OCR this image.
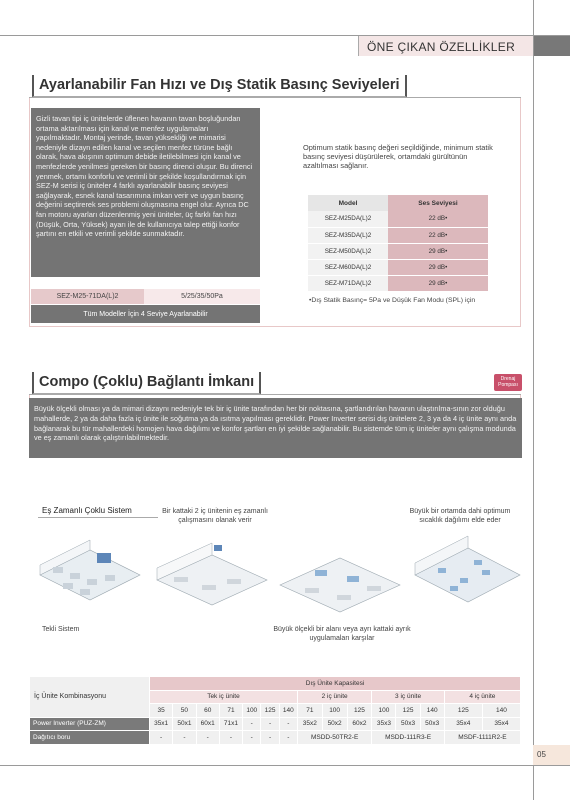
ÖNE ÇIKAN ÖZELLİKLER
Ayarlanabilir Fan Hızı ve Dış Statik Basınç Seviyeleri
Gizli tavan tipi iç ünitelerde üflenen havanın tavan boşluğundan ortama aktarılması için kanal ve menfez uygulamaları yapılmaktadır. Montaj yerinde, tavan yüksekliği ve mimarisi nedeniyle dizayn edilen kanal ve seçilen menfez türüne bağlı olarak, hava akışının optimum debide iletilebilmesi için kanal ve menfezlerde yenilmesi gereken bir basınç direnci oluşur. Bu direnci yenmek, ortamı konforlu ve verimli bir şekilde koşullandırmak için SEZ-M serisi iç üniteler 4 farklı ayarlanabilir basınç seviyesi sağlayarak, esnek kanal tasarımına imkan verir ve uygun basınç değerini seçtirerek ses problemi oluşmasına engel olur. Ayrıca DC fan motoru ayarları düzenlenmiş yeni üniteler, üç farklı fan hızı (Düşük, Orta, Yüksek) ayarı ile de kullanıcıya talep ettiği konfor şartını en etkili ve verimli şekilde sunmaktadır.
SEZ-M25-71DA(L)2	5/25/35/50Pa
Tüm Modeller İçin 4 Seviye Ayarlanabilir
Optimum statik basınç değeri seçildiğinde, minimum statik basınç seviyesi düşürülerek, ortamdaki gürültünün azaltılması sağlanır.
Model	Ses Seviyesi
SEZ-M25DA(L)2	22 dB•
SEZ-M35DA(L)2	22 dB•
SEZ-M50DA(L)2	29 dB•
SEZ-M60DA(L)2	29 dB•
SEZ-M71DA(L)2	29 dB•
•Dış Statik Basınç= 5Pa ve Düşük Fan Modu (SPL) için
Compo (Çoklu) Bağlantı İmkanı	Drenaj Pompası
Büyük ölçekli olması ya da mimari dizaynı nedeniyle tek bir iç ünite tarafından her bir noktasına, şartlandırılan havanın ulaştırılma-sının zor olduğu mahallerde, 2 ya da daha fazla iç ünite ile soğutma ya da ısıtma yapılması gereklidir. Power Inverter serisi dış ünitelere 2, 3 ya da 4 iç ünite aynı anda bağlanarak bu tür mahallerdeki homojen hava dağılımı ve konfor şartları en iyi şekilde sağlanabilir. Bu sistemde tüm iç üniteler aynı çalışma modunda ve eş zamanlı olarak çalıştırılabilmektedir.
Eş Zamanlı Çoklu Sistem
Tekli Sistem
Bir kattaki 2 iç ünitenin eş zamanlı çalışmasını olanak verir
Büyük ölçekli bir alanı veya ayrı kattaki ayrık uygulamaları karşılar
Büyük bir ortamda dahi optimum sıcaklık dağılımı elde eder
İç Ünite Kombinasyonu	Dış Ünite Kapasitesi														
	Tek iç ünite							2 iç ünite			3 iç ünite			4 iç ünite	
	35	50	60	71	100	125	140	71	100	125	100	125	140	125	140
Power Inverter (PUZ-ZM)	35x1	50x1	60x1	71x1	-	-	-	35x2	50x2	60x2	35x3	50x3	50x3	35x4	35x4
Dağıtıcı boru	-	-	-	-	-	-	-	MSDD-50TR2-E			MSDD-111R3-E			MSDF-1111R2-E	
05
